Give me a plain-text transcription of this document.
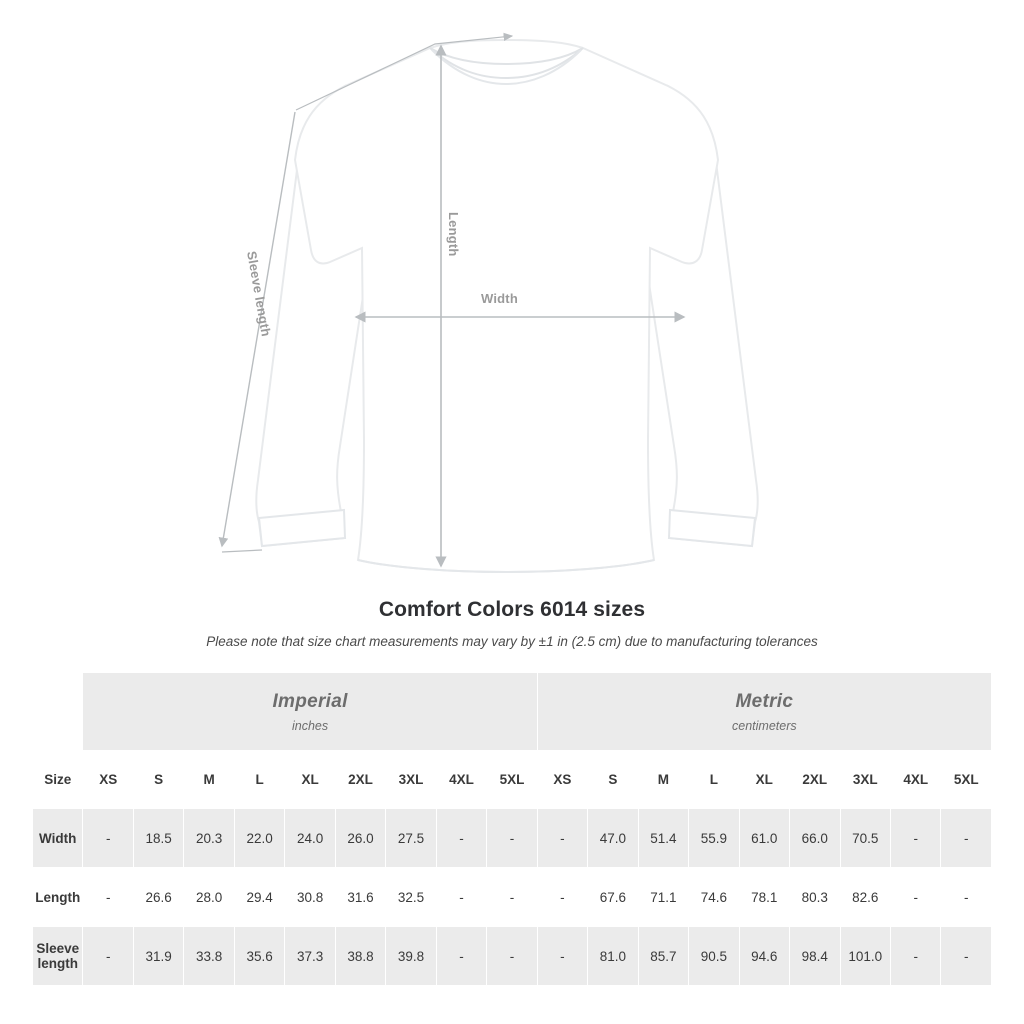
Length
Width
Sleeve length
Comfort Colors 6014 sizes
Please note that size chart measurements may vary by ±1 in (2.5 cm) due to manufacturing tolerances

	Imperial
inches									Metric
centimeters								

Size	XS	S	M	L	XL	2XL	3XL	4XL	5XL	XS	S	M	L	XL	2XL	3XL	4XL	5XL
Width	-	18.5	20.3	22.0	24.0	26.0	27.5	-	-	-	47.0	51.4	55.9	61.0	66.0	70.5	-	-
Length	-	26.6	28.0	29.4	30.8	31.6	32.5	-	-	-	67.6	71.1	74.6	78.1	80.3	82.6	-	-
Sleeve length	-	31.9	33.8	35.6	37.3	38.8	39.8	-	-	-	81.0	85.7	90.5	94.6	98.4	101.0	-	-
